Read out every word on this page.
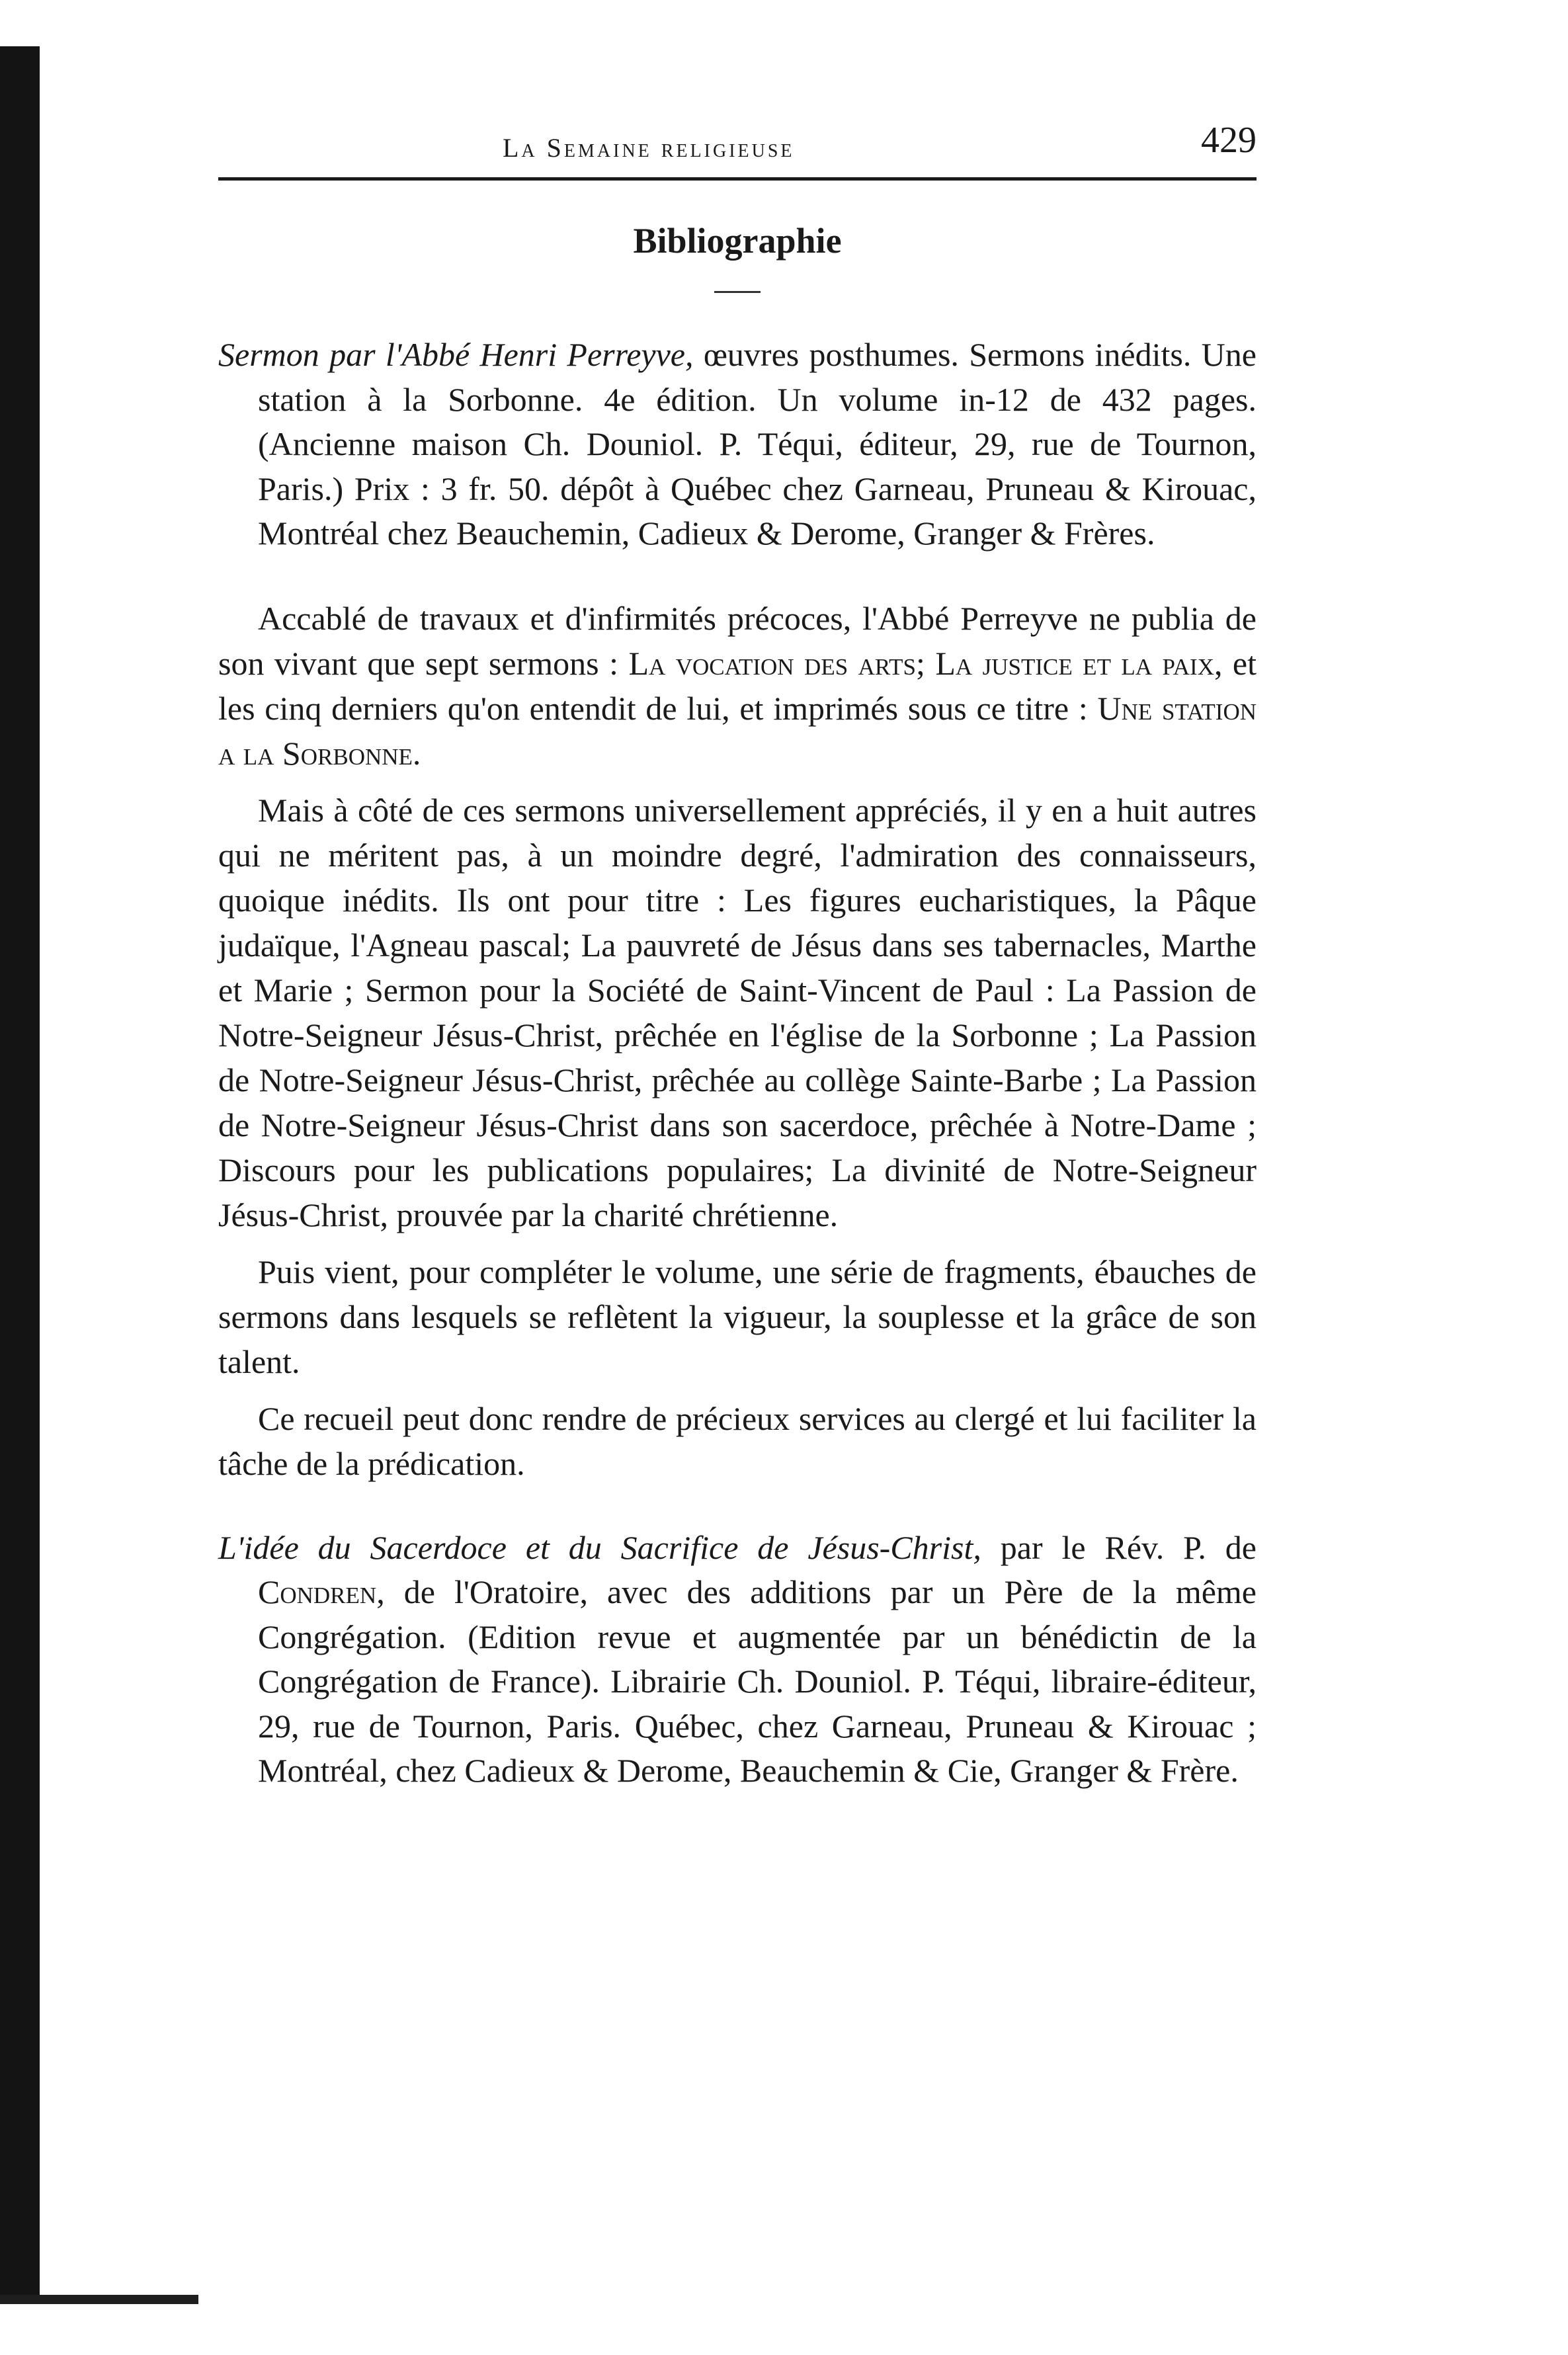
La Semaine religieuse	429
Bibliographie
Sermon par l'Abbé Henri Perreyve, œuvres posthumes. Sermons inédits. Une station à la Sorbonne. 4e édition. Un volume in-12 de 432 pages. (Ancienne maison Ch. Douniol. P. Téqui, éditeur, 29, rue de Tournon, Paris.) Prix : 3 fr. 50. dépôt à Québec chez Garneau, Pruneau & Kirouac, Montréal chez Beauchemin, Cadieux & Derome, Granger & Frères.

Accablé de travaux et d'infirmités précoces, l'Abbé Perreyve ne publia de son vivant que sept sermons : La vocation des arts; La justice et la paix, et les cinq derniers qu'on entendit de lui, et imprimés sous ce titre : Une station a la Sorbonne.

Mais à côté de ces sermons universellement appréciés, il y en a huit autres qui ne méritent pas, à un moindre degré, l'admiration des connaisseurs, quoique inédits. Ils ont pour titre : Les figures eucharistiques, la Pâque judaïque, l'Agneau pascal; La pauvreté de Jésus dans ses tabernacles, Marthe et Marie ; Sermon pour la Société de Saint-Vincent de Paul : La Passion de Notre-Seigneur Jésus-Christ, prêchée en l'église de la Sorbonne ; La Passion de Notre-Seigneur Jésus-Christ, prêchée au collège Sainte-Barbe ; La Passion de Notre-Seigneur Jésus-Christ dans son sacerdoce, prêchée à Notre-Dame ; Discours pour les publications populaires; La divinité de Notre-Seigneur Jésus-Christ, prouvée par la charité chrétienne.

Puis vient, pour compléter le volume, une série de fragments, ébauches de sermons dans lesquels se reflètent la vigueur, la souplesse et la grâce de son talent.

Ce recueil peut donc rendre de précieux services au clergé et lui faciliter la tâche de la prédication.

L'idée du Sacerdoce et du Sacrifice de Jésus-Christ, par le Rév. P. de Condren, de l'Oratoire, avec des additions par un Père de la même Congrégation. (Edition revue et augmentée par un bénédictin de la Congrégation de France). Librairie Ch. Douniol. P. Téqui, libraire-éditeur, 29, rue de Tournon, Paris. Québec, chez Garneau, Pruneau & Kirouac ; Montréal, chez Cadieux & Derome, Beauchemin & Cie, Granger & Frère.
